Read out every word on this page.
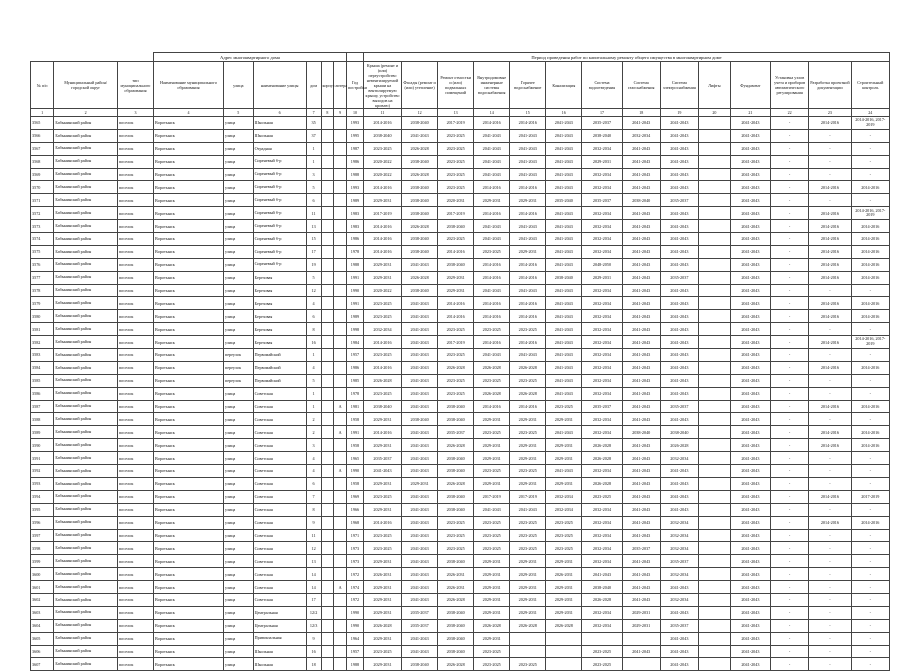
			Адрес многоквартирного дома							Период проведения работ по капитальному ремонту общего имущества в многоквартирном доме													
№ п/п	Муниципальный район/городской округ	тип муниципального образования	Наименование муниципального образования	улица	наименование улицы	дом	корпус	литера	Год постройки	Крыша (ремонт и (или) переустройство невентилируемой крыши на вентилируемую крышу, устройство выходов на кровлю)	Фасады (ремонт и (или) утепление)	Ремонт отмостки и (или) подвальных помещений	Внутридомовые инженерные системы водоснабжения	Горячее водоснабжение	Канализация	Система водоотведения	Система газоснабжения	Система электроснабжения	Лифты	Фундамент	Установка узлов учета и приборов автоматического регулирования	Разработка проектной документации	Строительный контроль
1	2	3	4	5	6	7	8	9	10	11	12	13	14	15	16	17	18	19	20	21	22	23	24
3565	Бабынинский район	поселок	Воротынск	улица	Школьная	35			1993	2014-2016	2038-2040	2017-2019	2014-2016	2014-2016	2041-2043	2035-2037	2041-2043	2041-2043		2041-2043	-	2014-2016	2014-2016, 2017-2019
3566	Бабынинский район	поселок	Воротынск	улица	Школьная	37			1995	2038-2040	2041-2043	2023-2025	2041-2043	2041-2043	2041-2043	2038-2040	2032-2034	2041-2043		2041-2043	-	-	-
3567	Бабынинский район	поселок	Воротынск	улица	Отрадная	1			1987	2023-2025	2026-2028	2023-2025	2041-2043	2041-2043	2041-2043	2032-2034	2041-2043	2041-2043		2041-2043	-	-	-
3568	Бабынинский район	поселок	Воротынск	улица	Сиреневый б-р	1			1986	2020-2022	2038-2040	2023-2025	2041-2043	2041-2043	2041-2043	2029-2031	2041-2043	2041-2043		2041-2043	-	-	-
3569	Бабынинский район	поселок	Воротынск	улица	Сиреневый б-р	3			1988	2020-2022	2026-2028	2023-2025	2041-2043	2041-2043	2041-2043	2032-2034	2041-2043	2041-2043		2041-2043	-	-	-
3570	Бабынинский район	поселок	Воротынск	улица	Сиреневый б-р	5			1993	2014-2016	2038-2040	2023-2025	2014-2016	2014-2016	2041-2043	2032-2034	2041-2043	2041-2043		2041-2043	-	2014-2016	2014-2016
3571	Бабынинский район	поселок	Воротынск	улица	Сиреневый б-р	6			1989	2029-2031	2038-2040	2020-2031	2029-2031	2029-2031	2035-2040	2035-2037	2038-2040	2035-2037		2041-2043	-	-	-
3572	Бабынинский район	поселок	Воротынск	улица	Сиреневый б-р	11			1983	2017-2019	2038-2040	2017-2019	2014-2016	2014-2016	2041-2043	2032-2034	2041-2043	2041-2043		2041-2043	-	2014-2016	2014-2016, 2017-2019
3573	Бабынинский район	поселок	Воротынск	улица	Сиреневый б-р	13			1983	2014-2016	2026-2028	2038-2040	2041-2043	2041-2043	2041-2043	2032-2034	2041-2043	2041-2043		2041-2043	-	2014-2016	2014-2016
3574	Бабынинский район	поселок	Воротынск	улица	Сиреневый б-р	15			1986	2014-2016	2038-2040	2023-2025	2041-2043	2041-2043	2041-2043	2032-2034	2041-2043	2041-2043		2041-2043	-	2014-2016	2014-2016
3575	Бабынинский район	поселок	Воротынск	улица	Сиреневый б-р	17			1978	2014-2016	2038-2040	2014-2016	2023-2025	2029-2031	2041-2043	2032-2034	2041-2043	2041-2043		2041-2043	-	2014-2016	2014-2016
3576	Бабынинский район	поселок	Воротынск	улица	Сиреневый б-р	19			1988	2029-2031	2041-2043	2038-2040	2014-2016	2014-2016	2041-2043	2048-2050	2041-2043	2041-2043		2041-2043	-	2014-2016	2014-2016
3577	Бабынинский район	поселок	Воротынск	улица	Березовая	5			1991	2029-2031	2026-2028	2029-2031	2014-2016	2014-2016	2038-2040	2029-2031	2041-2043	2035-2037		2041-2043	-	2014-2016	2014-2016
3578	Бабынинский район	поселок	Воротынск	улица	Березовая	12			1990	2020-2022	2038-2040	2029-2031	2041-2043	2041-2043	2041-2043	2032-2034	2041-2043	2041-2043		2041-2043	-	-	-
3579	Бабынинский район	поселок	Воротынск	улица	Березовая	4			1991	2023-2025	2041-2043	2014-2016	2014-2016	2014-2016	2041-2043	2032-2034	2041-2043	2041-2043		2041-2043	-	2014-2016	2014-2016
3580	Бабынинский район	поселок	Воротынск	улица	Березовая	6			1989	2023-2025	2041-2043	2014-2016	2014-2016	2014-2016	2041-2043	2032-2034	2041-2043	2041-2043		2041-2043	-	2014-2016	2014-2016
3581	Бабынинский район	поселок	Воротынск	улица	Березовая	8			1998	2032-2034	2041-2043	2023-2025	2023-2025	2023-2025	2041-2043	2032-2034	2041-2043	2041-2043		2041-2043	-	-	-
3582	Бабынинский район	поселок	Воротынск	улица	Березовая	16			1984	2014-2016	2041-2043	2017-2019	2014-2016	2014-2016	2041-2043	2032-2034	2041-2043	2041-2043		2041-2043	-	2014-2016	2014-2016, 2017-2019
3583	Бабынинский район	поселок	Воротынск	переулок	Первомайский	1			1957	2023-2025	2041-2043	2023-2025	2041-2043	2041-2043	2041-2043	2032-2034	2041-2043	2041-2043		2041-2043	-	-	-
3584	Бабынинский район	поселок	Воротынск	переулок	Первомайский	4			1986	2014-2016	2041-2043	2026-2028	2026-2028	2026-2028	2041-2043	2032-2034	2041-2043	2041-2043		2041-2043	-	2014-2016	2014-2016
3585	Бабынинский район	поселок	Воротынск	переулок	Первомайский	5			1985	2026-2028	2041-2043	2023-2025	2023-2025	2023-2025	2041-2043	2032-2034	2041-2043	2041-2043		2041-2043	-	-	-
3586	Бабынинский район	поселок	Воротынск	улица	Советская	1			1978	2023-2025	2041-2043	2023-2025	2026-2028	2026-2028	2041-2043	2032-2034	2041-2043	2041-2043		2041-2043	-	-	-
3587	Бабынинский район	поселок	Воротынск	улица	Советская	1		А	1981	2038-2040	2041-2043	2038-2040	2014-2016	2014-2016	2023-2025	2035-2037	2041-2043	2035-2037		2041-2043	-	2014-2016	2014-2016
3588	Бабынинский район	поселок	Воротынск	улица	Советская	2			1958	2029-2031	2038-2040	2038-2040	2029-2031	2029-2031	2029-2031	2032-2034	2041-2043	2041-2043		2041-2043	-	-	-
3589	Бабынинский район	поселок	Воротынск	улица	Советская	2		А	1991	2014-2016	2041-2043	2035-2037	2023-2025	2023-2025	2041-2043	2032-2034	2038-2040	2038-2040		2041-2043	-	2014-2016	2014-2016
3590	Бабынинский район	поселок	Воротынск	улица	Советская	3			1958	2029-2031	2041-2043	2026-2028	2029-2031	2029-2031	2029-2031	2026-2028	2041-2043	2026-2028		2041-2043	-	2014-2016	2014-2016
3591	Бабынинский район	поселок	Воротынск	улица	Советская	4			1965	2035-2037	2041-2043	2038-2040	2029-2031	2029-2031	2029-2031	2026-2028	2041-2043	2032-2034		2041-2043	-	-	-
3592	Бабынинский район	поселок	Воротынск	улица	Советская	4		А	1990	2041-2043	2041-2043	2038-2040	2023-2025	2023-2025	2041-2043	2032-2034	2041-2043	2041-2043		2041-2043	-	-	-
3593	Бабынинский район	поселок	Воротынск	улица	Советская	6			1958	2029-2031	2029-2031	2026-2028	2029-2031	2029-2031	2029-2031	2026-2028	2041-2043	2041-2043		2041-2043	-	-	-
3594	Бабынинский район	поселок	Воротынск	улица	Советская	7			1969	2023-2025	2041-2043	2038-2040	2017-2019	2017-2019	2032-2034	2023-2025	2041-2043	2041-2043		2041-2043	-	2014-2016	2017-2019
3595	Бабынинский район	поселок	Воротынск	улица	Советская	8			1966	2029-2031	2041-2043	2038-2040	2041-2043	2041-2043	2032-2034	2032-2034	2041-2043	2041-2043		2041-2043	-	-	-
3596	Бабынинский район	поселок	Воротынск	улица	Советская	9			1968	2014-2016	2041-2043	2023-2025	2023-2025	2023-2025	2023-2025	2032-2034	2041-2043	2032-2034		2041-2043	-	2014-2016	2014-2016
3597	Бабынинский район	поселок	Воротынск	улица	Советская	11			1971	2023-2025	2041-2043	2023-2025	2023-2025	2023-2025	2023-2025	2032-2034	2041-2043	2032-2034		2041-2043	-	-	-
3598	Бабынинский район	поселок	Воротынск	улица	Советская	12			1973	2023-2025	2041-2043	2023-2025	2023-2025	2023-2025	2023-2025	2032-2034	2035-2037	2032-2034		2041-2043	-	-	-
3599	Бабынинский район	поселок	Воротынск	улица	Советская	13			1973	2029-2031	2041-2043	2038-2040	2029-2031	2029-2031	2029-2031	2032-2034	2041-2043	2035-2037		2041-2043	-	-	-
3600	Бабынинский район	поселок	Воротынск	улица	Советская	14			1972	2026-2031	2041-2043	2026-2031	2029-2031	2029-2031	2026-2031	2041-2043	2041-2043	2032-2034		2041-2043	-	-	-
3601	Бабынинский район	поселок	Воротынск	улица	Советская	14		А	1974	2029-2031	2041-2043	2026-2031	2029-2031	2029-2031	2029-2031	2038-2040	2041-2043	2041-2043		2041-2043	-	-	-
3602	Бабынинский район	поселок	Воротынск	улица	Советская	17			1972	2029-2031	2041-2043	2026-2028	2029-2031	2029-2031	2029-2031	2026-2028	2041-2043	2032-2034		2041-2043	-	-	-
3603	Бабынинский район	поселок	Воротынск	улица	Центральная	12/2			1990	2029-2031	2035-2037	2038-2040	2029-2031	2029-2031	2029-2031	2032-2034	2029-2031	2041-2043		2041-2043	-	-	-
3604	Бабынинский район	поселок	Воротынск	улица	Центральная	12/3			1990	2026-2028	2035-2037	2038-2040	2026-2028	2026-2028	2026-2028	2032-2034	2029-2031	2035-2037		2041-2043	-	-	-
3605	Бабынинский район	поселок	Воротынск	улица	Привокзальная	9			1964	2029-2031	2041-2043	2038-2040	2029-2031					2041-2043		2041-2043	-	-	-
3606	Бабынинский район	поселок	Воротынск	улица	Школьная	16			1957	2023-2025	2041-2043	2038-2040	2023-2025			2023-2025	2041-2043	2041-2043		2041-2043	-	-	-
3607	Бабынинский район	поселок	Воротынск	улица	Школьная	18			1988	2029-2031	2038-2040	2026-2028	2023-2025	2023-2025		2023-2025		2041-2043		2041-2043	-	-	-
